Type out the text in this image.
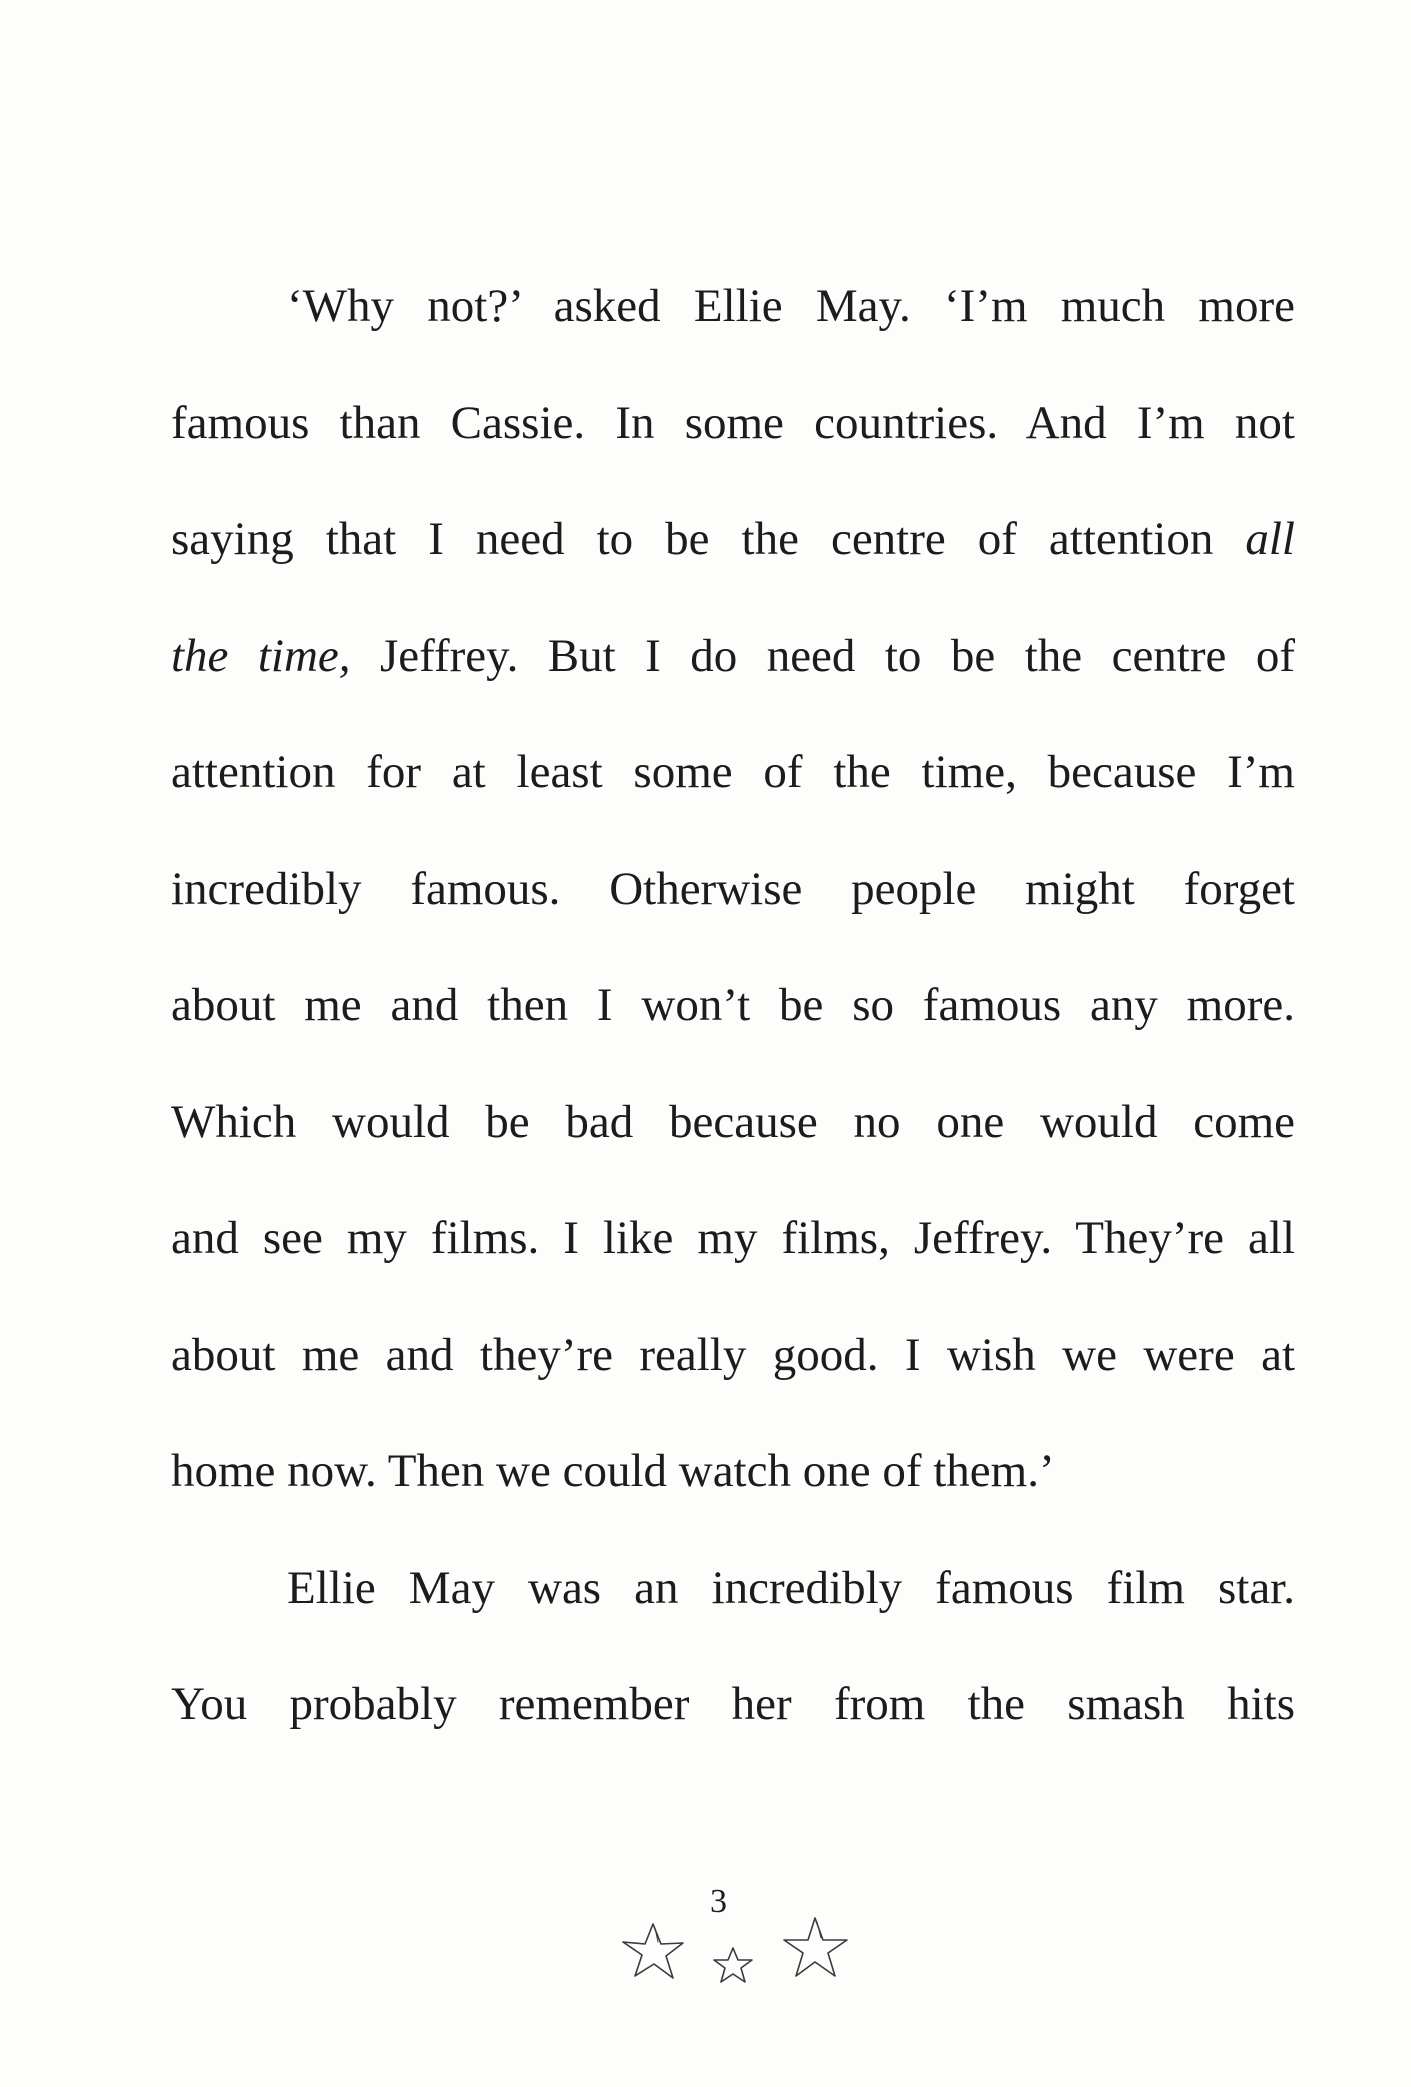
‘Why not?’ asked Ellie May. ‘I’m much more
famous than Cassie. In some countries. And I’m not
saying that I need to be the centre of attention all
the time, Jeffrey. But I do need to be the centre of
attention for at least some of the time, because I’m
incredibly famous. Otherwise people might forget
about me and then I won’t be so famous any more.
Which would be bad because no one would come
and see my films. I like my films, Jeffrey. They’re all
about me and they’re really good. I wish we were at
home now. Then we could watch one of them.’
Ellie May was an incredibly famous film star.
You probably remember her from the smash hits
3
